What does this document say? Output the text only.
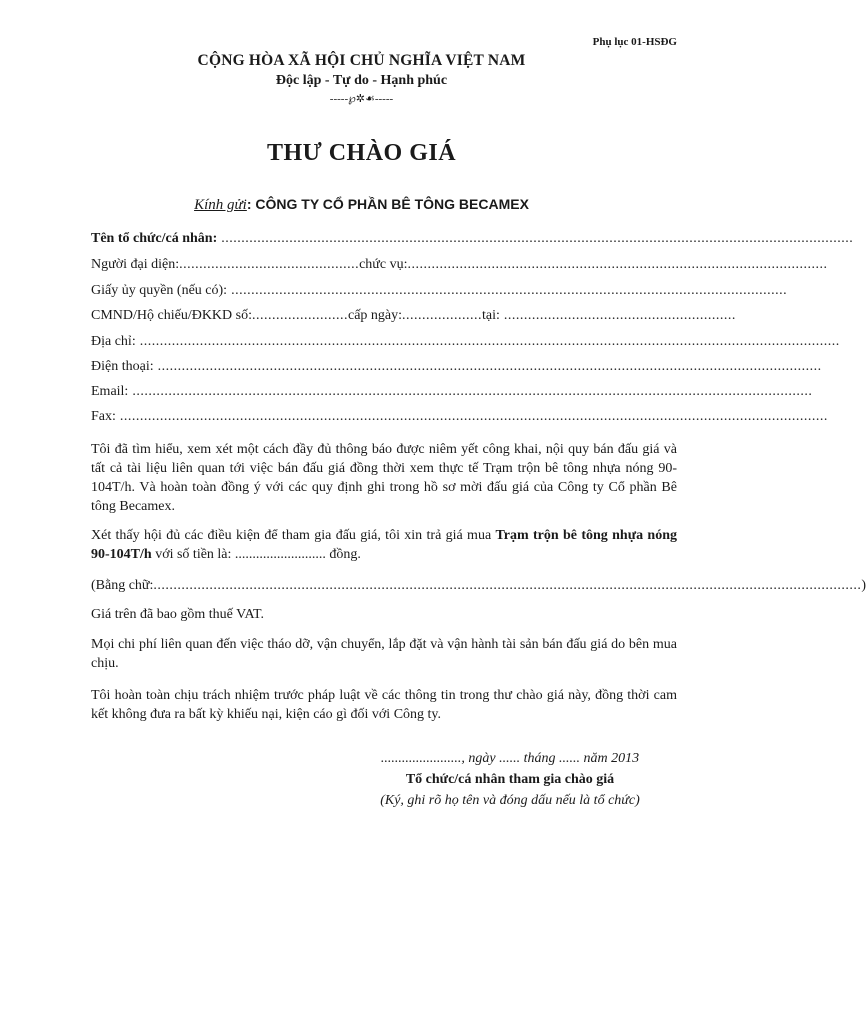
Phụ lục 01-HSĐG
CỘNG HÒA XÃ HỘI CHỦ NGHĨA VIỆT NAM
Độc lập - Tự do - Hạnh phúc
-----℘✲☙-----
THƯ CHÀO GIÁ
Kính gửi: CÔNG TY CỔ PHẦN BÊ TÔNG BECAMEX
Tên tổ chức/cá nhân: ..............................................................................................................................................................
Người đại diện: ............................................. chức vụ: .........................................................................................................
Giấy ủy quyền (nếu có): ...........................................................................................................................................
CMND/Hộ chiếu/ĐKKD số: ........................ cấp ngày: .................... tại: ..........................................................
Địa chỉ: ...............................................................................................................................................................................
Điện thoại: ......................................................................................................................................................................
Email: ..........................................................................................................................................................................
Fax: .................................................................................................................................................................................
Tôi đã tìm hiểu, xem xét một cách đầy đủ thông báo được niêm yết công khai, nội quy bán đấu giá và tất cả tài liệu liên quan tới việc bán đấu giá đồng thời xem thực tế Trạm trộn bê tông nhựa nóng 90-104T/h. Và hoàn toàn đồng ý với các quy định ghi trong hồ sơ mời đấu giá của Công ty Cổ phần Bê tông Becamex.
Xét thấy hội đủ các điều kiện để tham gia đấu giá, tôi xin trả giá mua Trạm trộn bê tông nhựa nóng 90-104T/h với số tiền là: .......................... đồng.
(Bằng chữ: ................................................................................................................................................................................. )
Giá trên đã bao gồm thuế VAT.
Mọi chi phí liên quan đến việc tháo dỡ, vận chuyển, lắp đặt và vận hành tài sản bán đấu giá do bên mua chịu.
Tôi hoàn toàn chịu trách nhiệm trước pháp luật về các thông tin trong thư chào giá này, đồng thời cam kết không đưa ra bất kỳ khiếu nại, kiện cáo gì đối với Công ty.
......................., ngày ...... tháng ...... năm 2013
Tổ chức/cá nhân tham gia chào giá
(Ký, ghi rõ họ tên và đóng dấu nếu là tổ chức)
